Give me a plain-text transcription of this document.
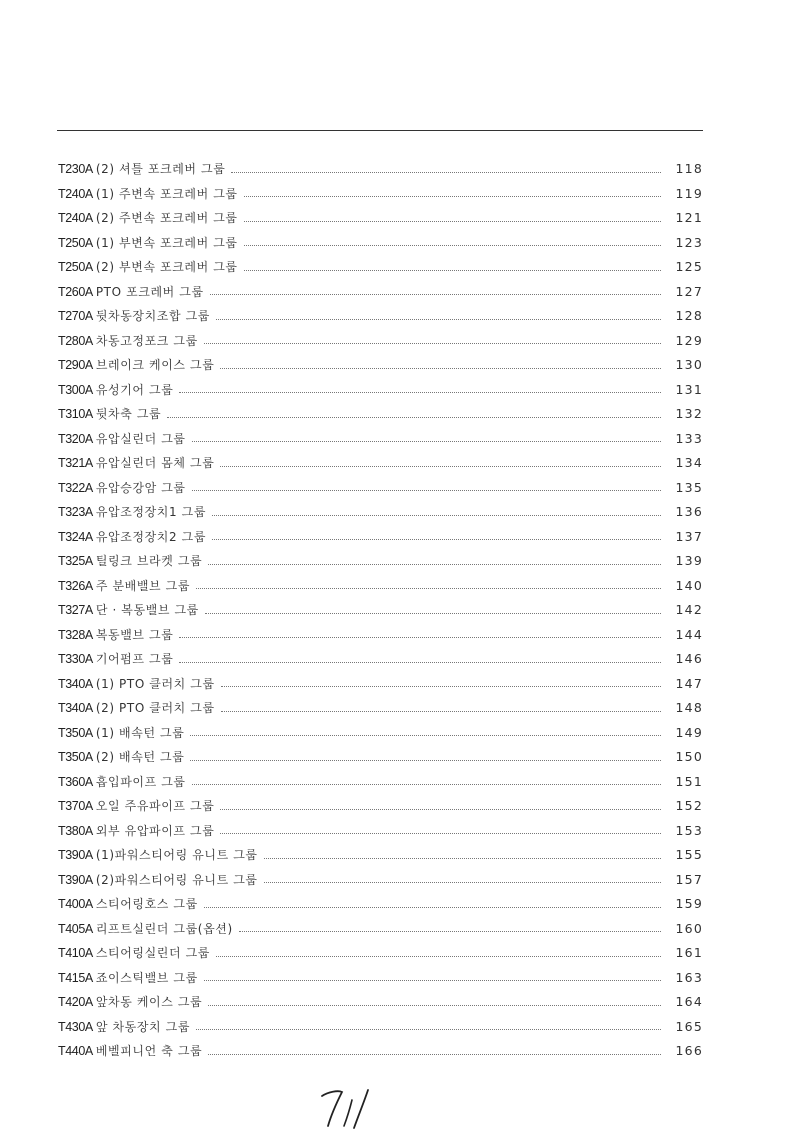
T230A (2) 셔틀 포크레버 그룹	118
T240A (1) 주변속 포크레버 그룹	119
T240A (2) 주변속 포크레버 그룹	121
T250A (1) 부변속 포크레버 그룹	123
T250A (2) 부변속 포크레버 그룹	125
T260A PTO 포크레버 그룹	127
T270A 뒷차동장치조합 그룹	128
T280A 차동고정포크 그룹	129
T290A 브레이크 케이스 그룹	130
T300A 유성기어 그룹	131
T310A 뒷차축 그룹	132
T320A 유압실린더 그룹	133
T321A 유압실린더 몸체 그룹	134
T322A 유압승강암 그룹	135
T323A 유압조정장치1 그룹	136
T324A 유압조정장치2 그룹	137
T325A 틸링크 브라켓 그룹	139
T326A 주 분배밸브 그룹	140
T327A 단 · 복동밸브 그룹	142
T328A 복동밸브 그룹	144
T330A 기어펌프 그룹	146
T340A (1) PTO 클러치 그룹	147
T340A (2) PTO 클러치 그룹	148
T350A (1) 배속턴 그룹	149
T350A (2) 배속턴 그룹	150
T360A 흡입파이프 그룹	151
T370A 오일 주유파이프 그룹	152
T380A 외부 유압파이프 그룹	153
T390A (1)파워스티어링 유니트 그룹	155
T390A (2)파워스티어링 유니트 그룹	157
T400A 스티어링호스 그룹	159
T405A 리프트실린더 그룹(옵션)	160
T410A 스티어링실린더 그룹	161
T415A 죠이스틱밸브 그룹	163
T420A 앞차동 케이스 그룹	164
T430A 앞 차동장치 그룹	165
T440A 베벨피니언 축 그룹	166
